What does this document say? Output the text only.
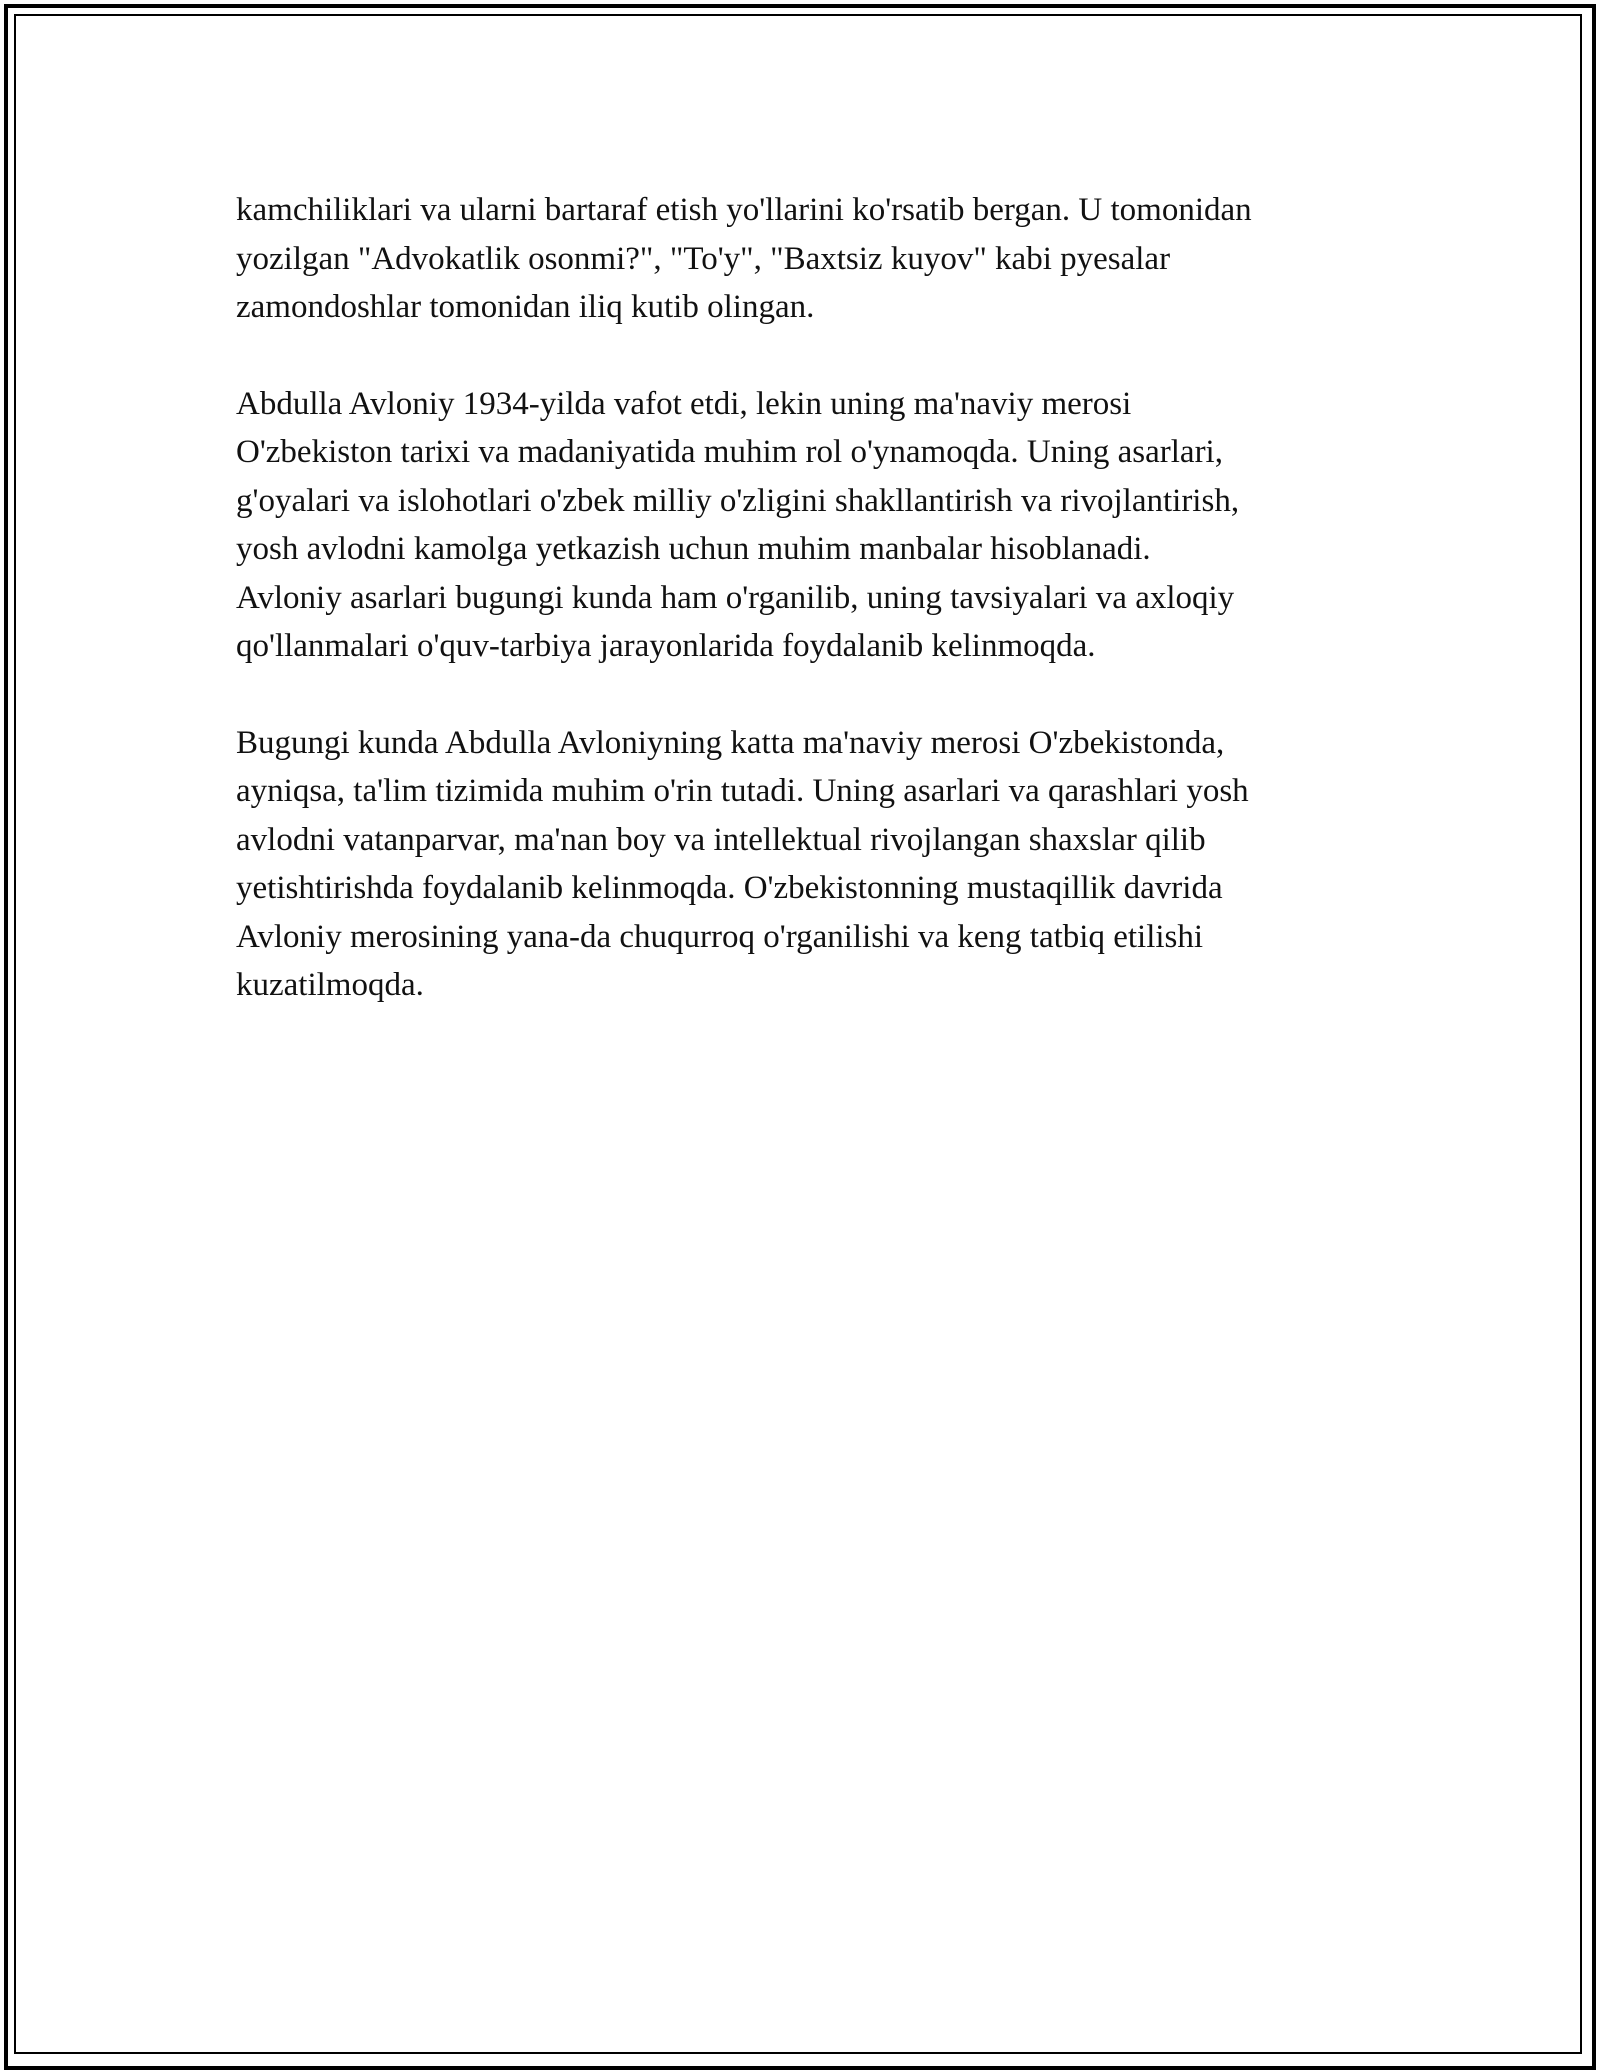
kamchiliklari va ularni bartaraf etish yo'llarini ko'rsatib bergan. U tomonidan
yozilgan "Advokatlik osonmi?", "To'y", "Baxtsiz kuyov" kabi pyesalar
zamondoshlar tomonidan iliq kutib olingan.

Abdulla Avloniy 1934-yilda vafot etdi, lekin uning ma'naviy merosi
O'zbekiston tarixi va madaniyatida muhim rol o'ynamoqda. Uning asarlari,
g'oyalari va islohotlari o'zbek milliy o'zligini shakllantirish va rivojlantirish,
yosh avlodni kamolga yetkazish uchun muhim manbalar hisoblanadi.
Avloniy asarlari bugungi kunda ham o'rganilib, uning tavsiyalari va axloqiy
qo'llanmalari o'quv-tarbiya jarayonlarida foydalanib kelinmoqda.

Bugungi kunda Abdulla Avloniyning katta ma'naviy merosi O'zbekistonda,
ayniqsa, ta'lim tizimida muhim o'rin tutadi. Uning asarlari va qarashlari yosh
avlodni vatanparvar, ma'nan boy va intellektual rivojlangan shaxslar qilib
yetishtirishda foydalanib kelinmoqda. O'zbekistonning mustaqillik davrida
Avloniy merosining yana-da chuqurroq o'rganilishi va keng tatbiq etilishi
kuzatilmoqda.
